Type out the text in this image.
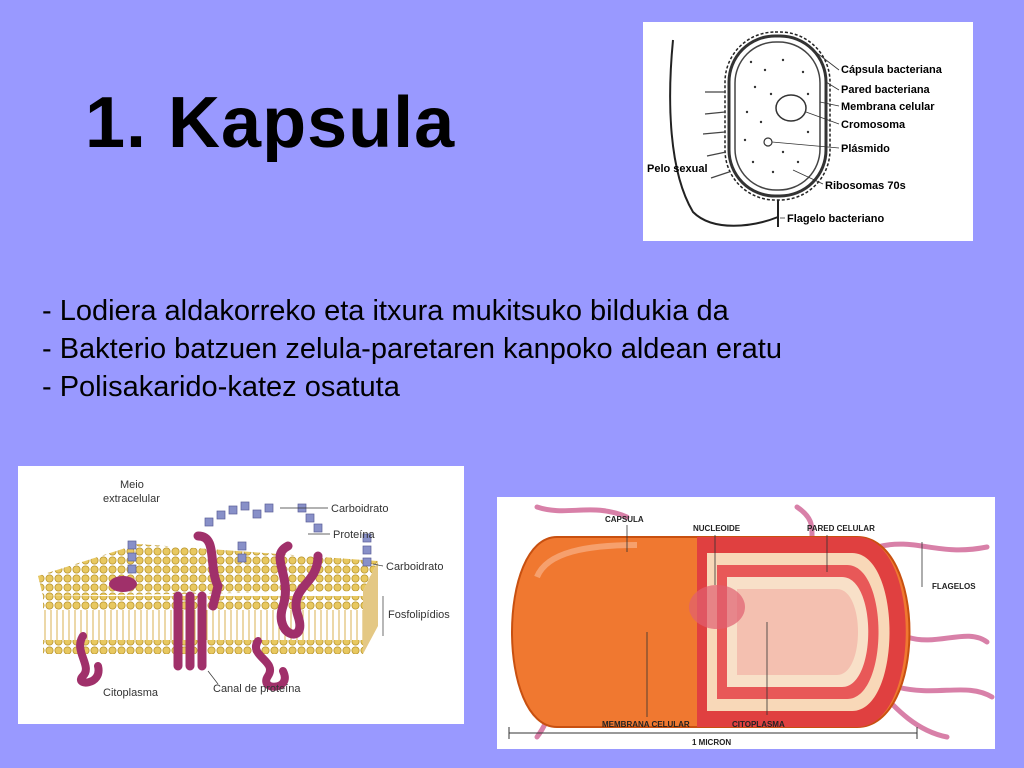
1. Kapsula
Cápsula bacteriana
Pared bacteriana
Membrana celular
Cromosoma
Plásmido
Pelo sexual
Ribosomas 70s
Flagelo bacteriano
- Lodiera aldakorreko eta itxura mukitsuko bildukia da
- Bakterio batzuen zelula-paretaren kanpoko aldean eratu
- Polisakarido-katez osatuta
Meio
extracelular
Carboidrato
Proteína
Carboidrato
Fosfolipídios
Citoplasma	Canal de proteína
CAPSULA
NUCLEOIDE	PARED CELULAR
FLAGELOS
MEMBRANA CELULAR	CITOPLASMA
1 MICRON
